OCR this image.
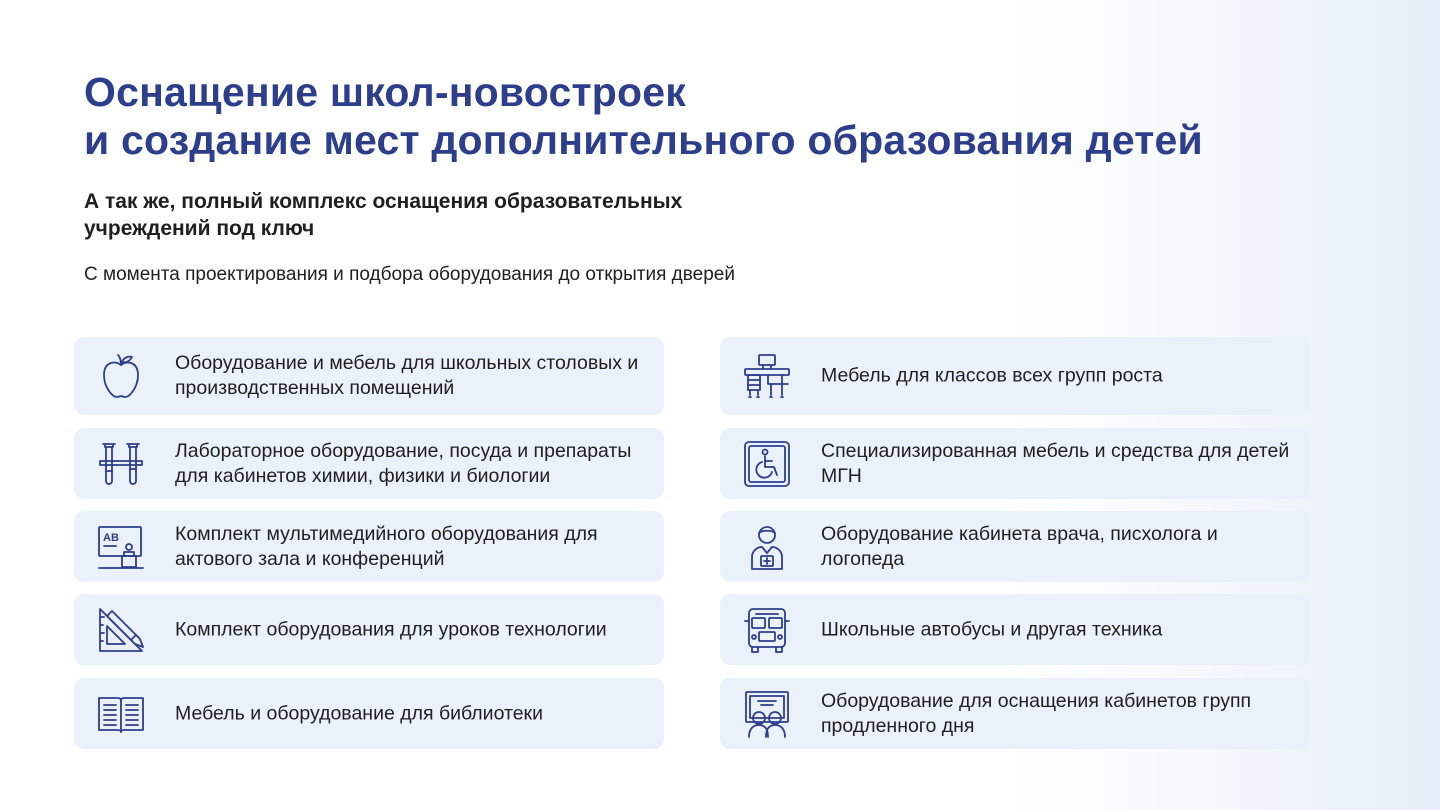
Оснащение школ-новостроек
и создание мест дополнительного образования детей
А так же, полный комплекс оснащения образовательных
учреждений под ключ

С момента проектирования и подбора оборудования до открытия дверей

Оборудование и мебель для школьных столовых и производственных помещений
Лабораторное оборудование, посуда и препараты для кабинетов химии, физики и биологии
AB	Комплект мультимедийного оборудования для актового зала и конференций
Комплект оборудования для уроков технологии
Мебель и оборудование для библиотеки
Мебель для классов всех групп роста
Специализированная мебель и средства для детей МГН
Оборудование кабинета врача, писхолога и логопеда
Школьные автобусы и другая техника
Оборудование для оснащения кабинетов групп продленного дня
